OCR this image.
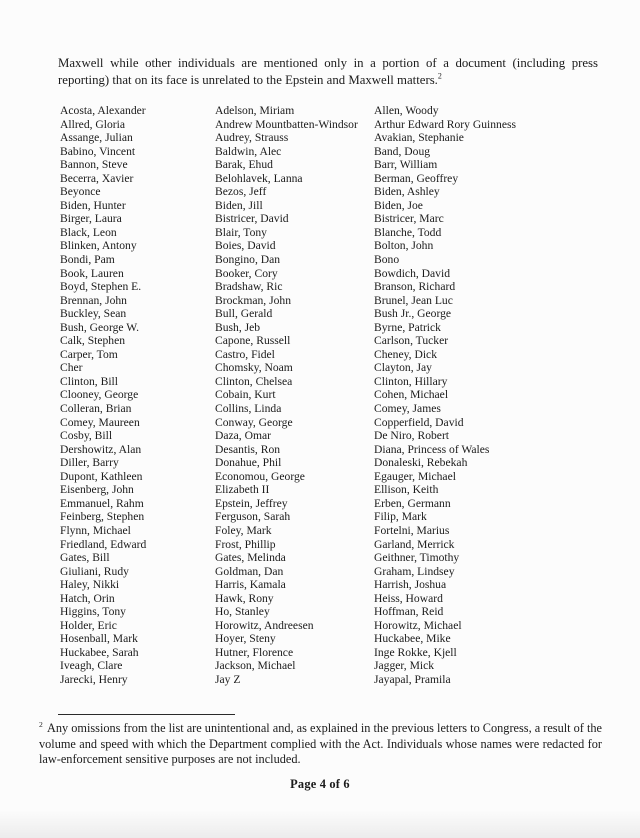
Maxwell while other individuals are mentioned only in a portion of a document (including press reporting) that on its face is unrelated to the Epstein and Maxwell matters.$^2$

Acosta, Alexander
Allred, Gloria
Assange, Julian
Babino, Vincent
Bannon, Steve
Becerra, Xavier
Beyonce
Biden, Hunter
Birger, Laura
Black, Leon
Blinken, Antony
Bondi, Pam
Book, Lauren
Boyd, Stephen E.
Brennan, John
Buckley, Sean
Bush, George W.
Calk, Stephen
Carper, Tom
Cher
Clinton, Bill
Clooney, George
Colleran, Brian
Comey, Maureen
Cosby, Bill
Dershowitz, Alan
Diller, Barry
Dupont, Kathleen
Eisenberg, John
Emmanuel, Rahm
Feinberg, Stephen
Flynn, Michael
Friedland, Edward
Gates, Bill
Giuliani, Rudy
Haley, Nikki
Hatch, Orin
Higgins, Tony
Holder, Eric
Hosenball, Mark
Huckabee, Sarah
Iveagh, Clare
Jarecki, Henry
Adelson, Miriam
Andrew Mountbatten-Windsor
Audrey, Strauss
Baldwin, Alec
Barak, Ehud
Belohlavek, Lanna
Bezos, Jeff
Biden, Jill
Bistricer, David
Blair, Tony
Boies, David
Bongino, Dan
Booker, Cory
Bradshaw, Ric
Brockman, John
Bull, Gerald
Bush, Jeb
Capone, Russell
Castro, Fidel
Chomsky, Noam
Clinton, Chelsea
Cobain, Kurt
Collins, Linda
Conway, George
Daza, Omar
Desantis, Ron
Donahue, Phil
Economou, George
Elizabeth II
Epstein, Jeffrey
Ferguson, Sarah
Foley, Mark
Frost, Phillip
Gates, Melinda
Goldman, Dan
Harris, Kamala
Hawk, Rony
Ho, Stanley
Horowitz, Andreesen
Hoyer, Steny
Hutner, Florence
Jackson, Michael
Jay Z
Allen, Woody
Arthur Edward Rory Guinness
Avakian, Stephanie
Band, Doug
Barr, William
Berman, Geoffrey
Biden, Ashley
Biden, Joe
Bistricer, Marc
Blanche, Todd
Bolton, John
Bono
Bowdich, David
Branson, Richard
Brunel, Jean Luc
Bush Jr., George
Byrne, Patrick
Carlson, Tucker
Cheney, Dick
Clayton, Jay
Clinton, Hillary
Cohen, Michael
Comey, James
Copperfield, David
De Niro, Robert
Diana, Princess of Wales
Donaleski, Rebekah
Egauger, Michael
Ellison, Keith
Erben, Germann
Filip, Mark
Fortelni, Marius
Garland, Merrick
Geithner, Timothy
Graham, Lindsey
Harrish, Joshua
Heiss, Howard
Hoffman, Reid
Horowitz, Michael
Huckabee, Mike
Inge Rokke, Kjell
Jagger, Mick
Jayapal, Pramila

$^2$ Any omissions from the list are unintentional and, as explained in the previous letters to Congress, a result of the volume and speed with which the Department complied with the Act. Individuals whose names were redacted for law-enforcement sensitive purposes are not included.

Page 4 of 6
